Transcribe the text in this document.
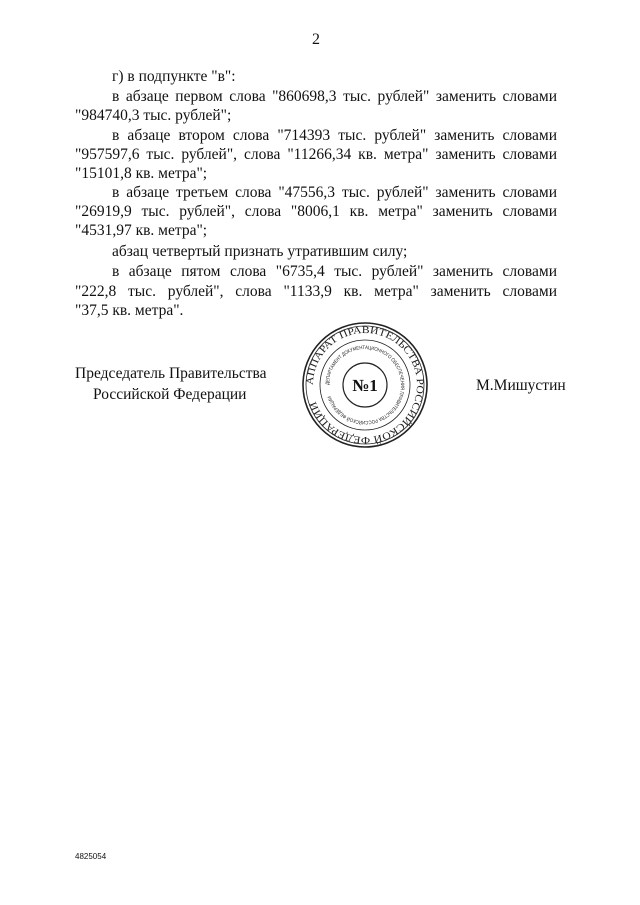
2
г) в подпункте "в":
в абзаце первом слова "860698,3 тыс. рублей" заменить словами
"984740,3 тыс. рублей";
в абзаце втором слова "714393 тыс. рублей" заменить словами
"957597,6 тыс. рублей", слова "11266,34 кв. метра" заменить словами
"15101,8 кв. метра";
в абзаце третьем слова "47556,3 тыс. рублей" заменить словами
"26919,9 тыс. рублей", слова "8006,1 кв. метра" заменить словами
"4531,97 кв. метра";
абзац четвертый признать утратившим силу;
в абзаце пятом слова "6735,4 тыс. рублей" заменить словами
"222,8 тыс. рублей", слова "1133,9 кв. метра" заменить словами
"37,5 кв. метра".
Председатель Правительства
Российской Федерации
М.Мишустин
АППАРАТ ПРАВИТЕЛЬСТВА РОССИЙСКОЙ ФЕДЕРАЦИИ
ДЕПАРТАМЕНТ ДОКУМЕНТАЦИОННОГО ОБЕСПЕЧЕНИЯ ПРАВИТЕЛЬСТВА РОССИЙСКОЙ ФЕДЕРАЦИИ
№1
4825054
